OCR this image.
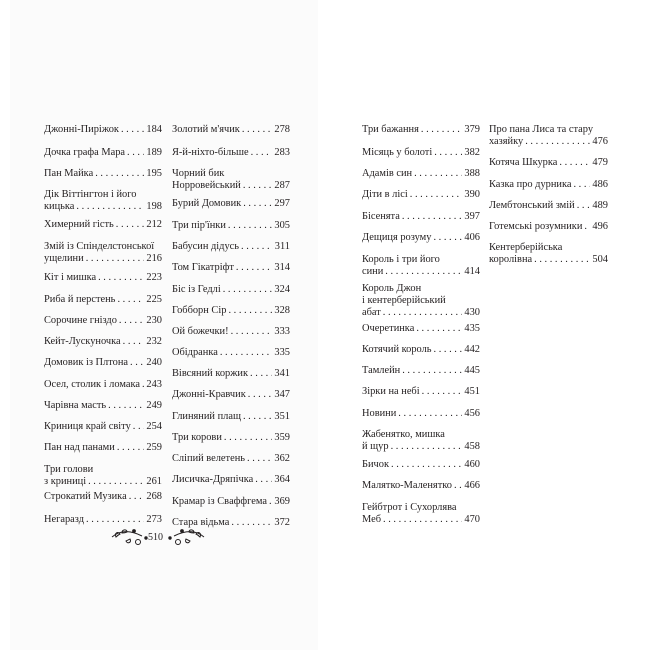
Джонні-Пиріжок . . .	184
Дочка графа Мара . . . 189
Пан Майка . . .	195
Дік Віттінгтон і його
кицька . . .	198
Химерний гість . . .	212
Змій із Спінделстонської
ущелини . . .	216
Кіт і мишка . . .	223
Риба й перстень . . .	225
Сорочине гніздо . . .	230
Кейт-Лускуночка . . . 232
Домовик із Плтона . . . 240
Осел, столик і ломака . . . 243
Чарівна масть . . .	249
Криниця край світу . . . 254
Пан над панами . . .	259
Три голови
з криниці . . .	261
Строкатий Музика . . . 268
Негаразд . . .	273
Золотий м'ячик . . .	278
Я-й-ніхто-більше . . . 283
Чорний бик
Норровейський . . .	287
Бурий Домовик . . .	297
Три пір'їнки . . .	305
Бабусин дідусь . . .	311
Том Гікатріфт . . .	314
Біс із Гедлі . . .	324
Гобборн Сір . . .	328
Ой божечки! . . .	333
Обідранка . . .	335
Вівсяний коржик . . .	341
Джонні-Кравчик . . .	347
Глиняний плащ . . .	351
Три корови . . .	359
Сліпий велетень . . .	362
Лисичка-Дряпічка . . . 364
Крамар із Свaффгема . . . 369
Стара відьма . . .	372
Три бажання . . .	379
Місяць у болоті . . .	382
Адамів син . . .	388
Діти в лісі . . .	390
Бісенята . . .	397
Дещиця розуму . . .	406
Король і три його
сини . . .	414
Король Джон
і кентерберійський
абат . . .	430
Очеретинка . . .	435
Котячий король . . .	442
Тамлейн . . .	445
Зірки на небі . . .	451
Новини . . .	456
Жабенятко, мишка
й щур . . .	458
Бичок . . .	460
Малятко-Маленятко . . . 466
Гейбтрот і Сухорлява
Меб . . .	470
Про пана Лиса та стару
хазяйку . . .	476
Котяча Шкурка . . .	479
Казка про дурника . . . 486
Лембтонський змій . . . 489
Готемські розумники . . . 496
Кентерберійська
королівна . . .	504
510
